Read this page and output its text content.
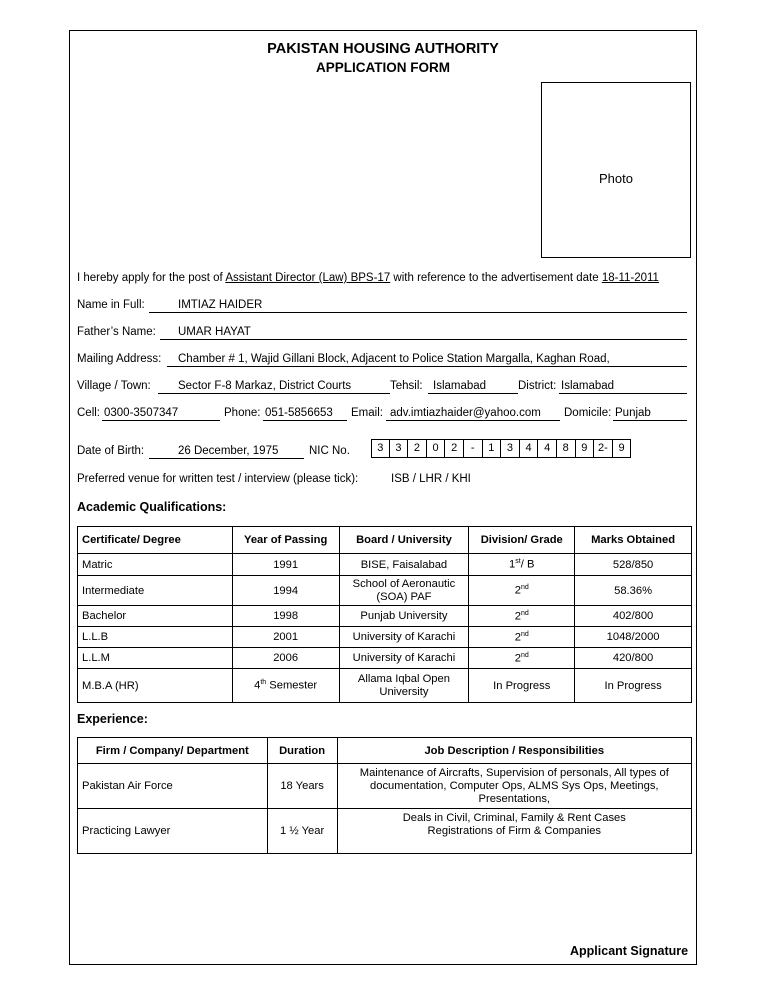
PAKISTAN HOUSING AUTHORITY
APPLICATION FORM
Photo
I hereby apply for the post of Assistant Director (Law) BPS-17 with reference to the advertisement date 18-11-2011
Name in Full:	IMTIAZ HAIDER
Father’s Name: UMAR HAYAT
Mailing Address: Chamber # 1, Wajid Gillani Block, Adjacent to Police Station Margalla, Kaghan Road,
Village / Town: Sector F-8 Markaz, District Courts	Tehsil: Islamabad	District: Islamabad
Cell: 0300-3507347	Phone: 051-5856653 Email: adv.imtiazhaider@yahoo.com Domicile: Punjab
Date of Birth:	26 December, 1975	NIC No.	3	3	2	0	2	-	1	3	4	4	8	9 2- 9
Preferred venue for written test / interview (please tick):	ISB / LHR / KHI
Academic Qualifications:
Certificate/ Degree	Year of Passing	Board / University	Division/ Grade	Marks Obtained
Matric	1991	BISE, Faisalabad	1st/ B	528/850
Intermediate	1994	School of Aeronautic (SOA) PAF	2nd	58.36%
Bachelor	1998	Punjab University	2nd	402/800
L.L.B	2001	University of Karachi	2nd	1048/2000
L.L.M	2006	University of Karachi	2nd	420/800
M.B.A (HR)	4th Semester	Allama Iqbal Open University	In Progress	In Progress
Experience:
Firm / Company/ Department	Duration	Job Description / Responsibilities
Pakistan Air Force	18 Years	Maintenance of Aircrafts, Supervision of personals, All types of documentation, Computer Ops, ALMS Sys Ops, Meetings, Presentations,
Practicing Lawyer	1 ½ Year	Deals in Civil, Criminal, Family & Rent Cases Registrations of Firm & Companies
Applicant Signature
